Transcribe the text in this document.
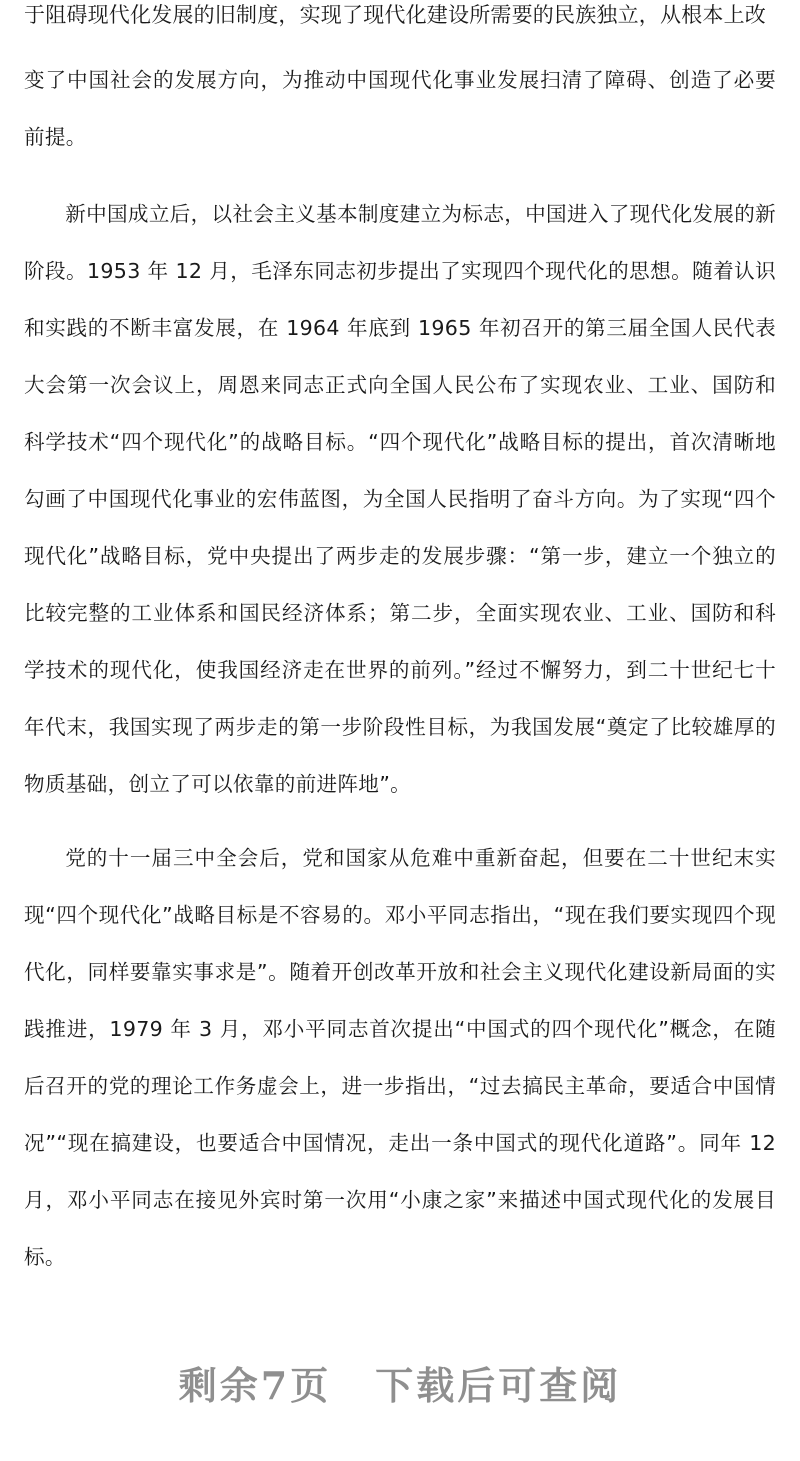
于阻碍现代化发展的旧制度，实现了现代化建设所需要的民族独立，从根本上改

变了中国社会的发展方向，为推动中国现代化事业发展扫清了障碍、创造了必要前提。

新中国成立后，以社会主义基本制度建立为标志，中国进入了现代化发展的新阶段。1953 年 12 月，毛泽东同志初步提出了实现四个现代化的思想。随着认识和实践的不断丰富发展，在 1964 年底到 1965 年初召开的第三届全国人民代表大会第一次会议上，周恩来同志正式向全国人民公布了实现农业、工业、国防和科学技术“四个现代化”的战略目标。“四个现代化”战略目标的提出，首次清晰地勾画了中国现代化事业的宏伟蓝图，为全国人民指明了奋斗方向。为了实现“四个现代化”战略目标，党中央提出了两步走的发展步骤：“第一步，建立一个独立的比较完整的工业体系和国民经济体系；第二步，全面实现农业、工业、国防和科学技术的现代化，使我国经济走在世界的前列。”经过不懈努力，到二十世纪七十年代末，我国实现了两步走的第一步阶段性目标，为我国发展“奠定了比较雄厚的物质基础，创立了可以依靠的前进阵地”。

党的十一届三中全会后，党和国家从危难中重新奋起，但要在二十世纪末实现“四个现代化”战略目标是不容易的。邓小平同志指出，“现在我们要实现四个现代化，同样要靠实事求是”。随着开创改革开放和社会主义现代化建设新局面的实践推进，1979 年 3 月，邓小平同志首次提出“中国式的四个现代化”概念，在随后召开的党的理论工作务虚会上，进一步指出，“过去搞民主革命，要适合中国情况”“现在搞建设，也要适合中国情况，走出一条中国式的现代化道路”。同年 12 月，邓小平同志在接见外宾时第一次用“小康之家”来描述中国式现代化的发展目标。

剩余7页 下载后可查阅
